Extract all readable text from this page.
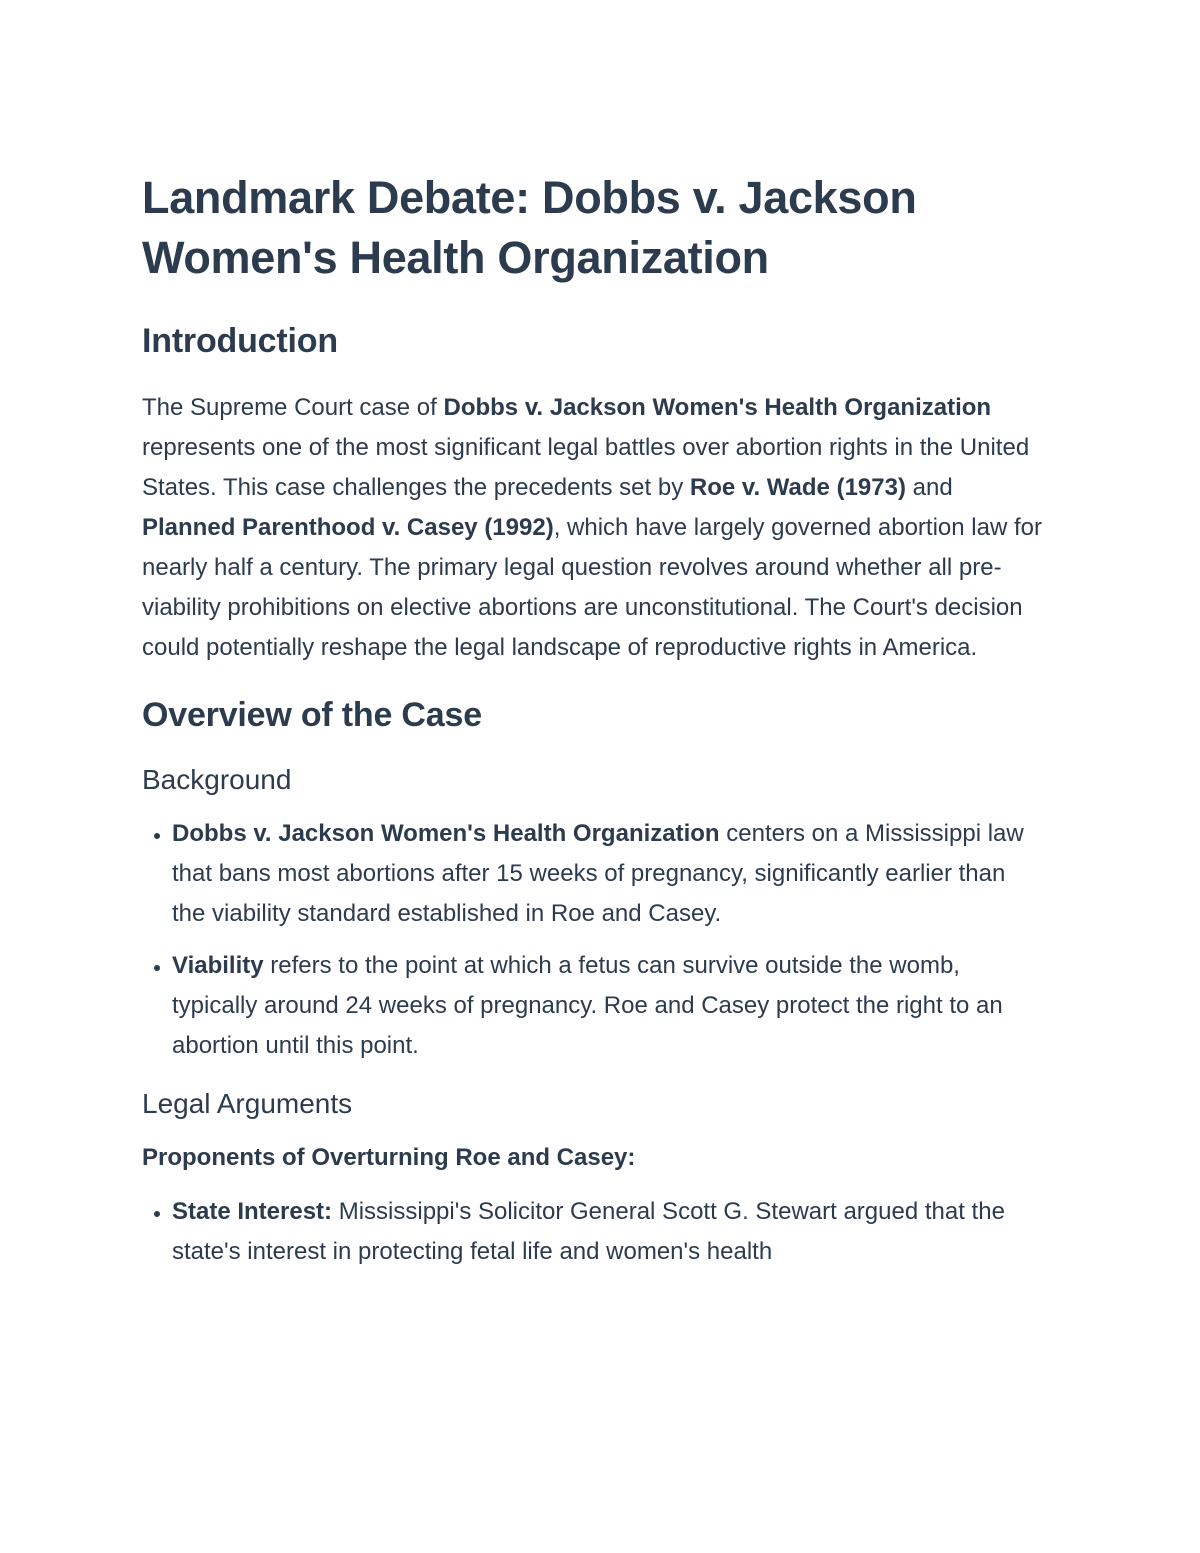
Landmark Debate: Dobbs v. Jackson
Women's Health Organization
Introduction

The Supreme Court case of Dobbs v. Jackson Women's Health Organization represents one of the most significant legal battles over abortion rights in the United States. This case challenges the precedents set by Roe v. Wade (1973) and Planned Parenthood v. Casey (1992), which have largely governed abortion law for nearly half a century. The primary legal question revolves around whether all pre-viability prohibitions on elective abortions are unconstitutional. The Court's decision could potentially reshape the legal landscape of reproductive rights in America.

Overview of the Case
Background
• Dobbs v. Jackson Women's Health Organization centers on a Mississippi law that bans most abortions after 15 weeks of pregnancy, significantly earlier than the viability standard established in Roe and Casey.
• Viability refers to the point at which a fetus can survive outside the womb, typically around 24 weeks of pregnancy. Roe and Casey protect the right to an abortion until this point.
Legal Arguments

Proponents of Overturning Roe and Casey:

• State Interest: Mississippi's Solicitor General Scott G. Stewart argued that the state's interest in protecting fetal life and women's health
